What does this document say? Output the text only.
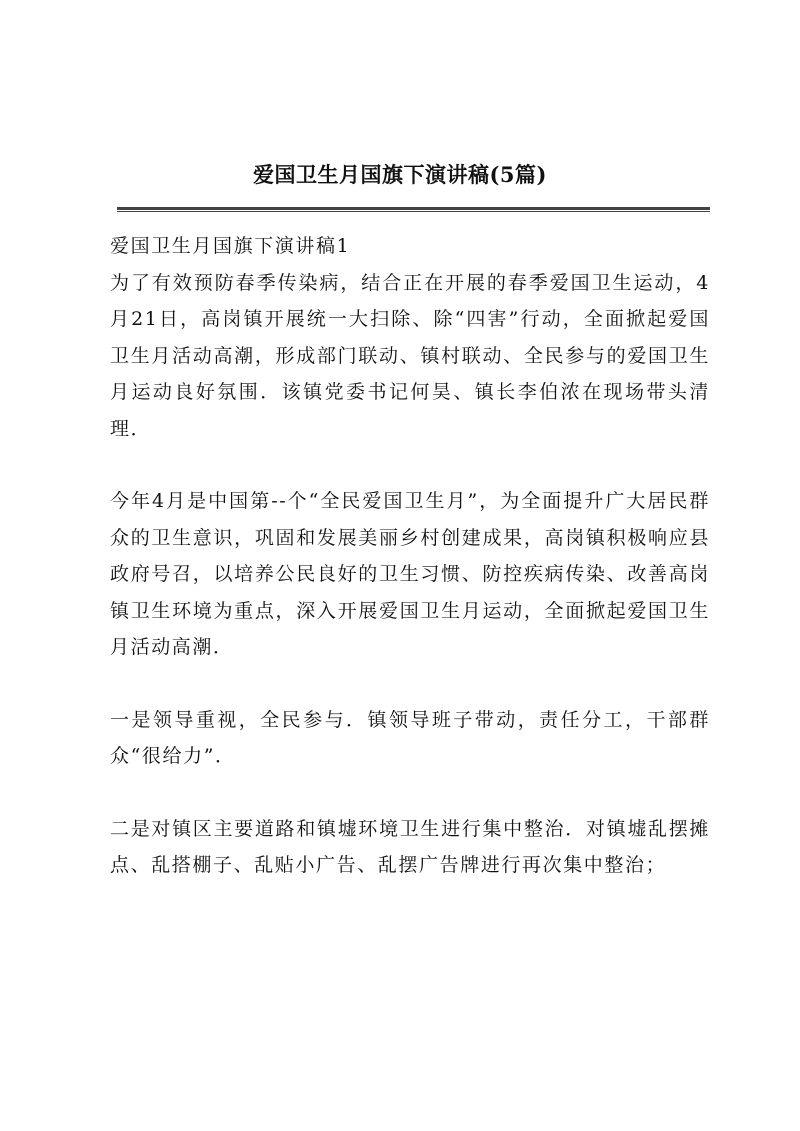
爱国卫生月国旗下演讲稿(5篇)
爱国卫生月国旗下演讲稿1

为了有效预防春季传染病，结合正在开展的春季爱国卫生运动，4月21日，高岗镇开展统一大扫除、除“四害”行动，全面掀起爱国卫生月活动高潮，形成部门联动、镇村联动、全民参与的爱国卫生月运动良好氛围．该镇党委书记何昊、镇长李伯浓在现场带头清理．

今年4月是中国第--个“全民爱国卫生月”，为全面提升广大居民群众的卫生意识，巩固和发展美丽乡村创建成果，高岗镇积极响应县政府号召，以培养公民良好的卫生习惯、防控疾病传染、改善高岗镇卫生环境为重点，深入开展爱国卫生月运动，全面掀起爱国卫生月活动高潮．

一是领导重视，全民参与．镇领导班子带动，责任分工，干部群众“很给力”．

二是对镇区主要道路和镇墟环境卫生进行集中整治．对镇墟乱摆摊点、乱搭棚子、乱贴小广告、乱摆广告牌进行再次集中整治；
